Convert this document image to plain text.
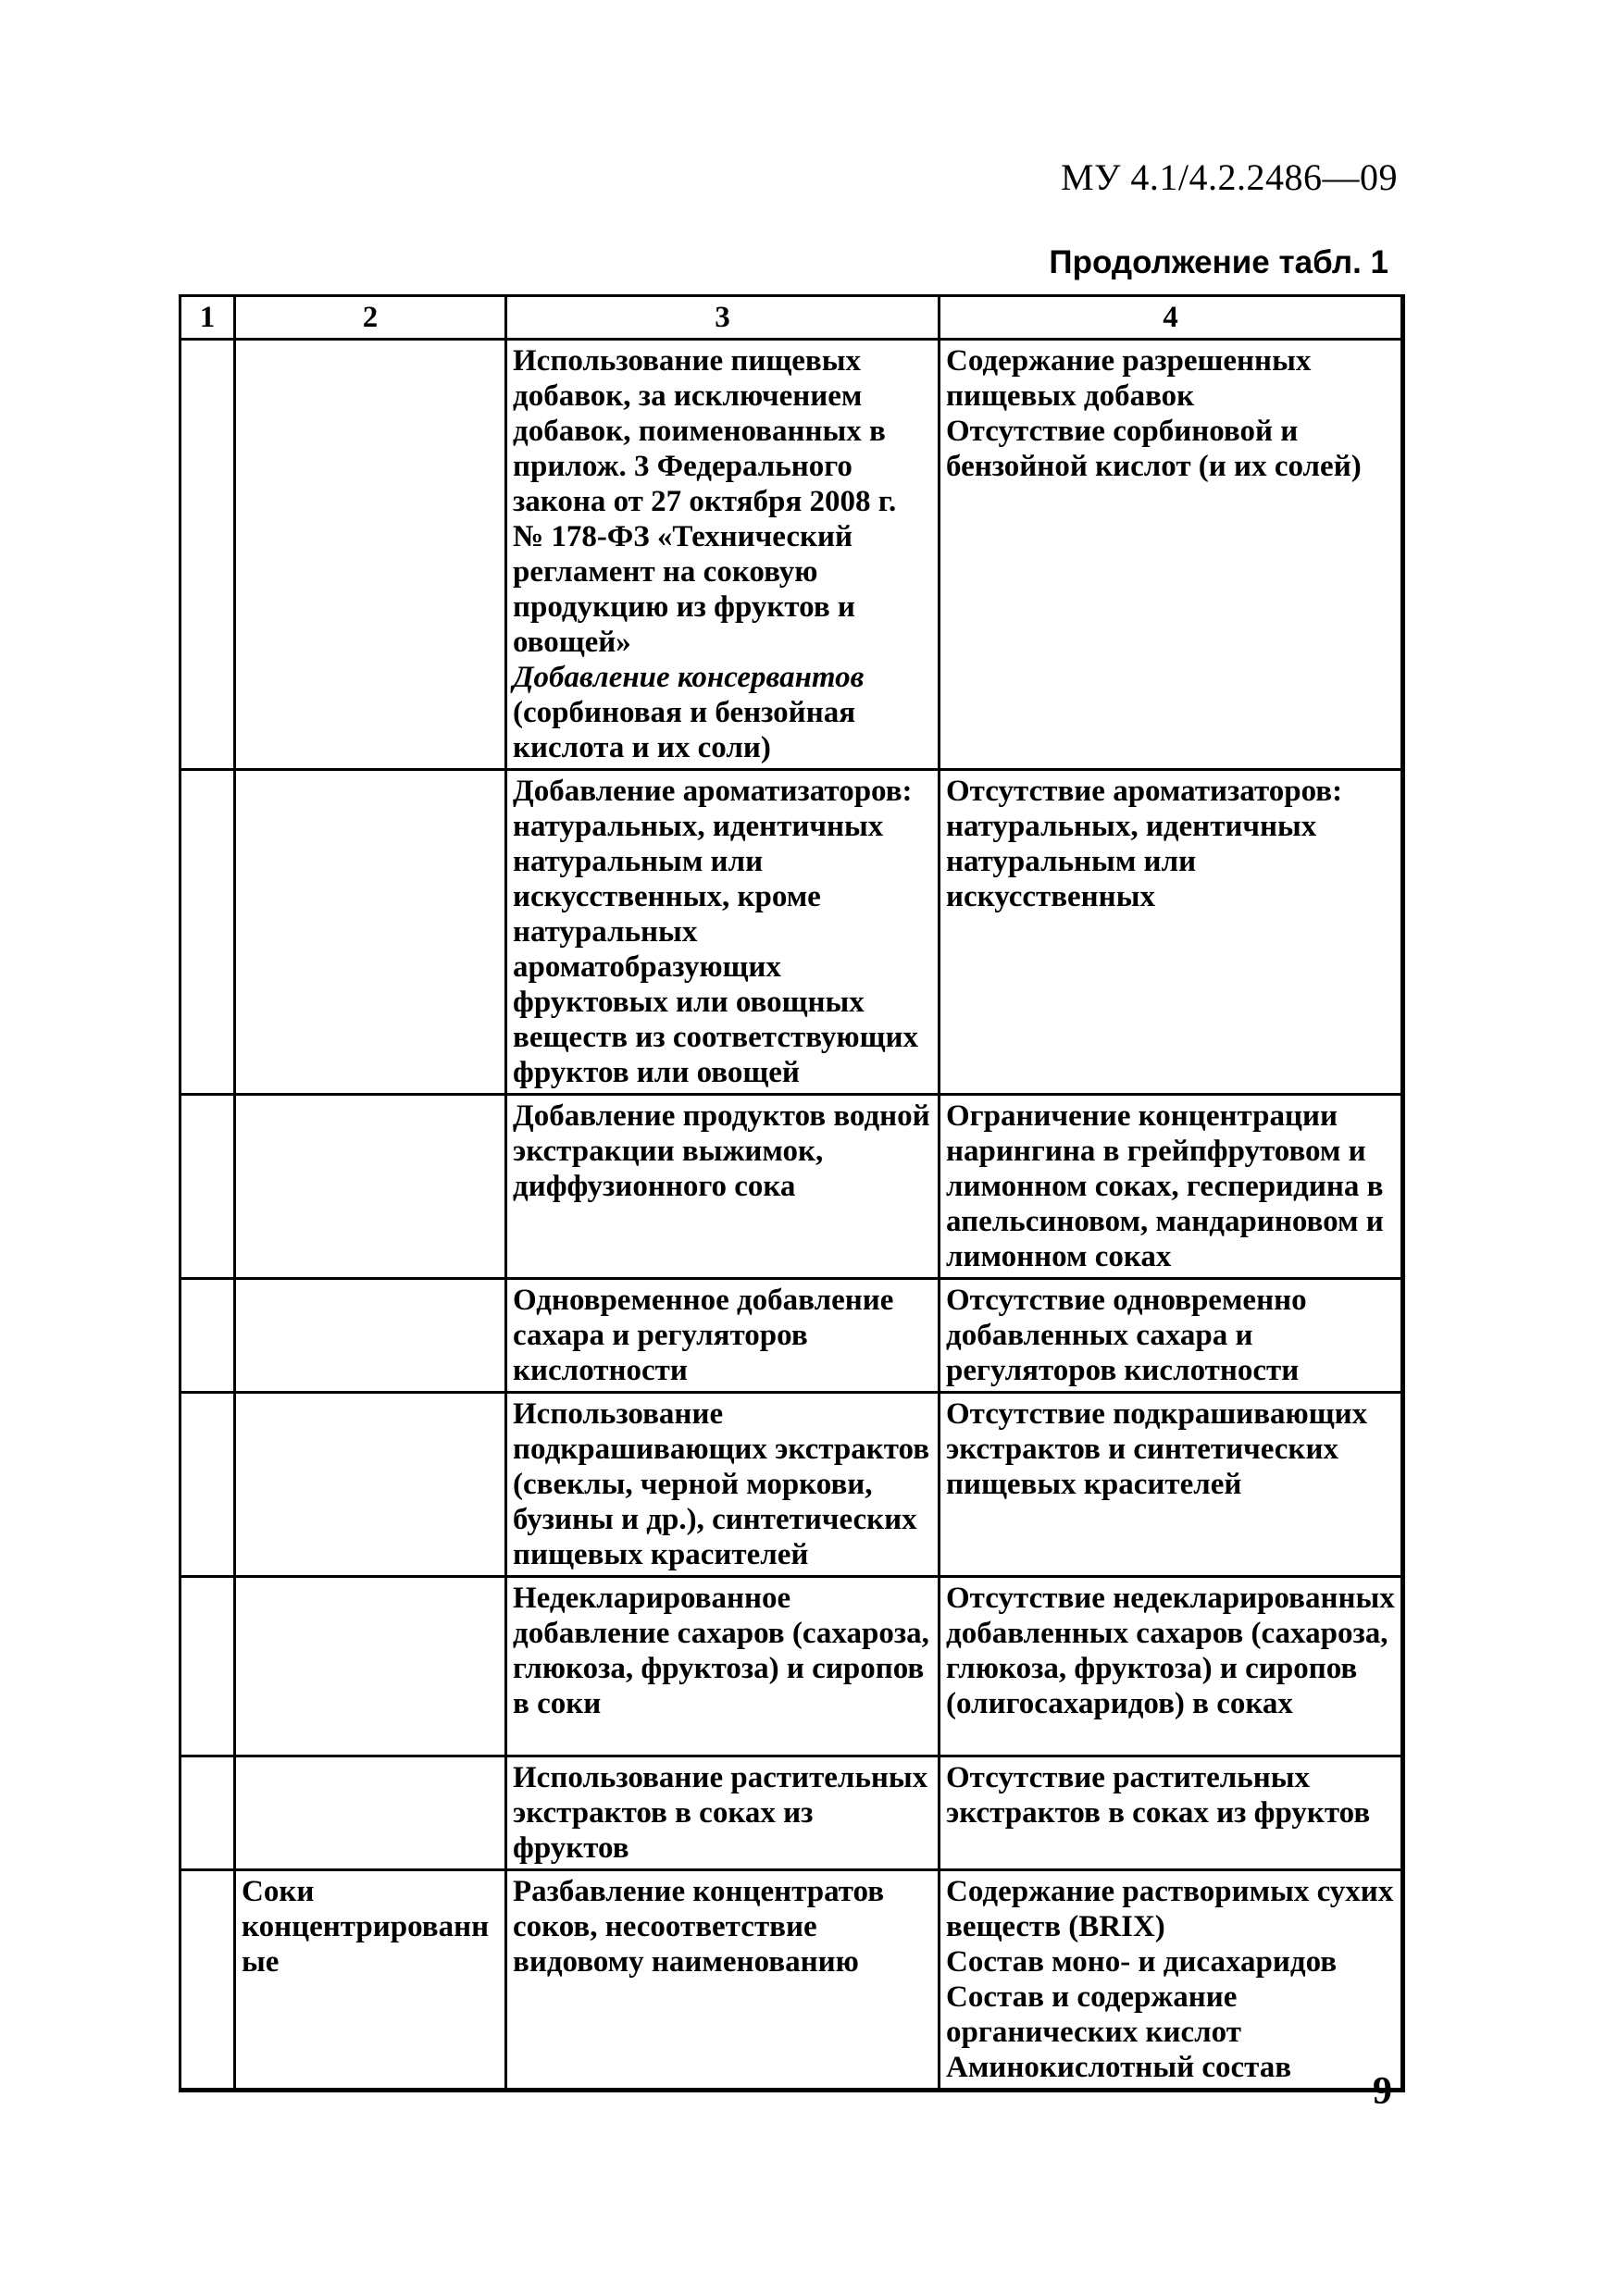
МУ 4.1/4.2.2486—09
Продолжение табл. 1
1	2	3	4

		Использование пищевых добавок, за исключением добавок, поименованных в прилож. 3 Федерального закона от 27 октября 2008 г. № 178-ФЗ «Технический регламент на соковую продукцию из фруктов и овощей»
Добавление консервантов
(сорбиновая и бензойная кислота и их соли)	Содержание разрешенных пищевых добавок
Отсутствие сорбиновой и бензойной кислот (и их солей)

		Добавление ароматизаторов: натуральных, идентичных натуральным или искусственных, кроме натуральных ароматобразующих фруктовых или овощных веществ из соответствующих фруктов или овощей	Отсутствие ароматизаторов: натуральных, идентичных натуральным или искусственных

		Добавление продуктов водной экстракции выжимок, диффузионного сока	Ограничение концентрации нарингина в грейпфрутовом и лимонном соках, гесперидина в апельсиновом, мандариновом и лимонном соках

		Одновременное добавление сахара и регуляторов кислотности	Отсутствие одновременно добавленных сахара и регуляторов кислотности

		Использование подкрашивающих экстрактов (свеклы, черной моркови, бузины и др.), синтетических пищевых красителей	Отсутствие подкрашивающих экстрактов и синтетических пищевых красителей

		Недекларированное добавление сахаров (сахароза, глюкоза, фруктоза) и сиропов в соки	Отсутствие недекларированных добавленных сахаров (сахароза, глюкоза, фруктоза) и сиропов (олигосахаридов) в соках

		Использование растительных экстрактов в соках из фруктов	Отсутствие растительных экстрактов в соках из фруктов

	Соки концентрированные	Разбавление концентратов соков, несоответствие видовому наименованию	Содержание растворимых сухих веществ (BRIX)
Состав моно- и дисахаридов
Состав и содержание органических кислот
Аминокислотный состав
9
